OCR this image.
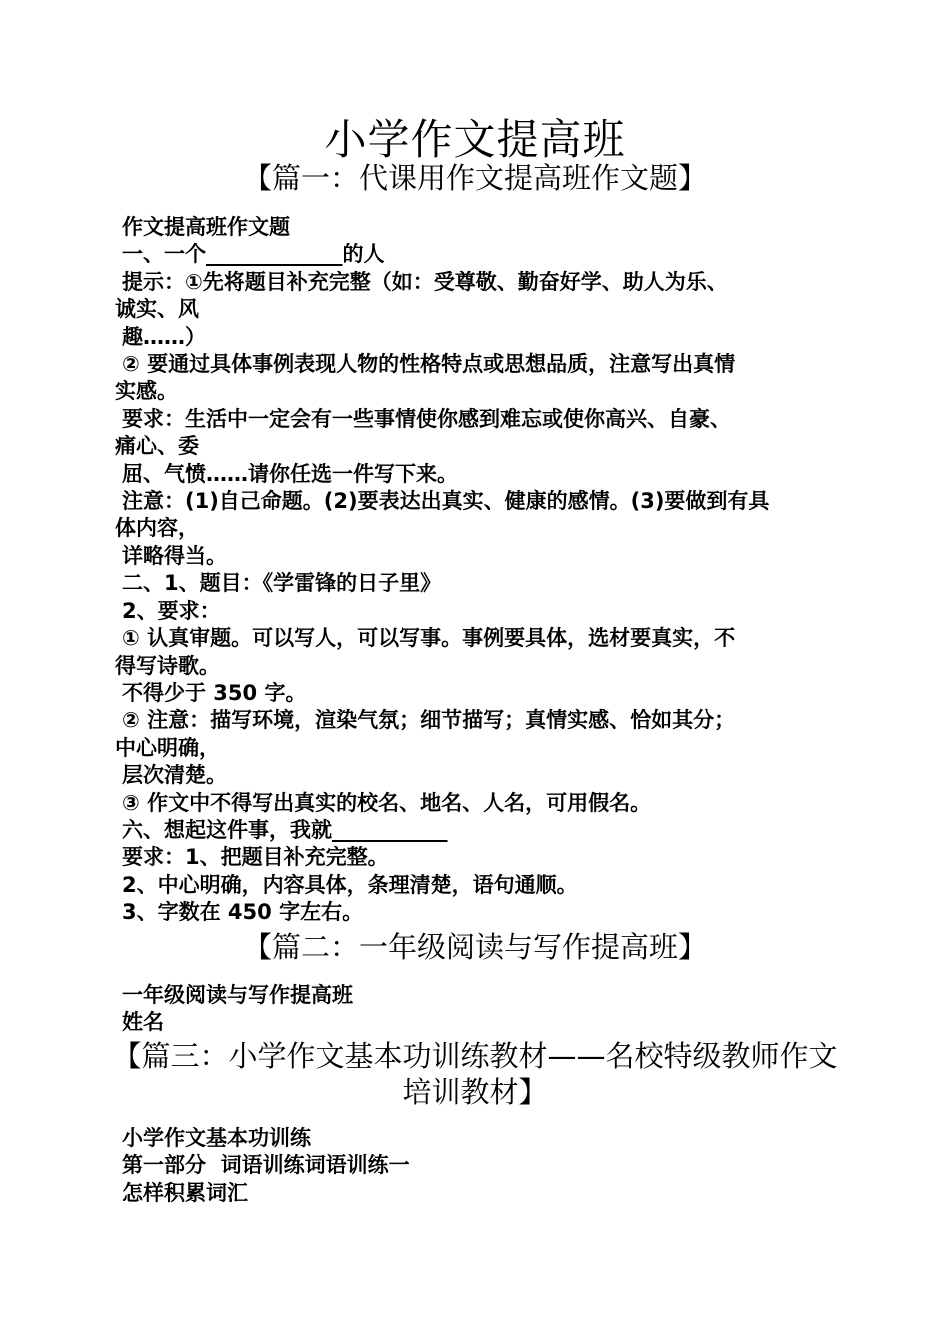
小学作文提高班
【篇一：代课用作文提高班作文题】

作文提高班作文题

一、一个_____________的人

提示：①先将题目补充完整（如：受尊敬、勤奋好学、助人为乐、

诚实、风

趣……）

② 要通过具体事例表现人物的性格特点或思想品质，注意写出真情

实感。

要求：生活中一定会有一些事情使你感到难忘或使你高兴、自豪、

痛心、委

屈、气愤……请你任选一件写下来。

注意：(1)自己命题。(2)要表达出真实、健康的感情。(3)要做到有具

体内容，

详略得当。

二、1、题目：《学雷锋的日子里》

2、要求：

① 认真审题。可以写人，可以写事。事例要具体，选材要真实，不

得写诗歌。

不得少于 350 字。

② 注意：描写环境，渲染气氛；细节描写；真情实感、恰如其分；

中心明确，

层次清楚。

③ 作文中不得写出真实的校名、地名、人名，可用假名。

六、想起这件事，我就___________

要求：1、把题目补充完整。

2、中心明确，内容具体，条理清楚，语句通顺。

3、字数在 450 字左右。

【篇二：一年级阅读与写作提高班】

一年级阅读与写作提高班

姓名

【篇三：小学作文基本功训练教材——名校特级教师作文培训教材】

小学作文基本功训练

第一部分  词语训练词语训练一

怎样积累词汇
